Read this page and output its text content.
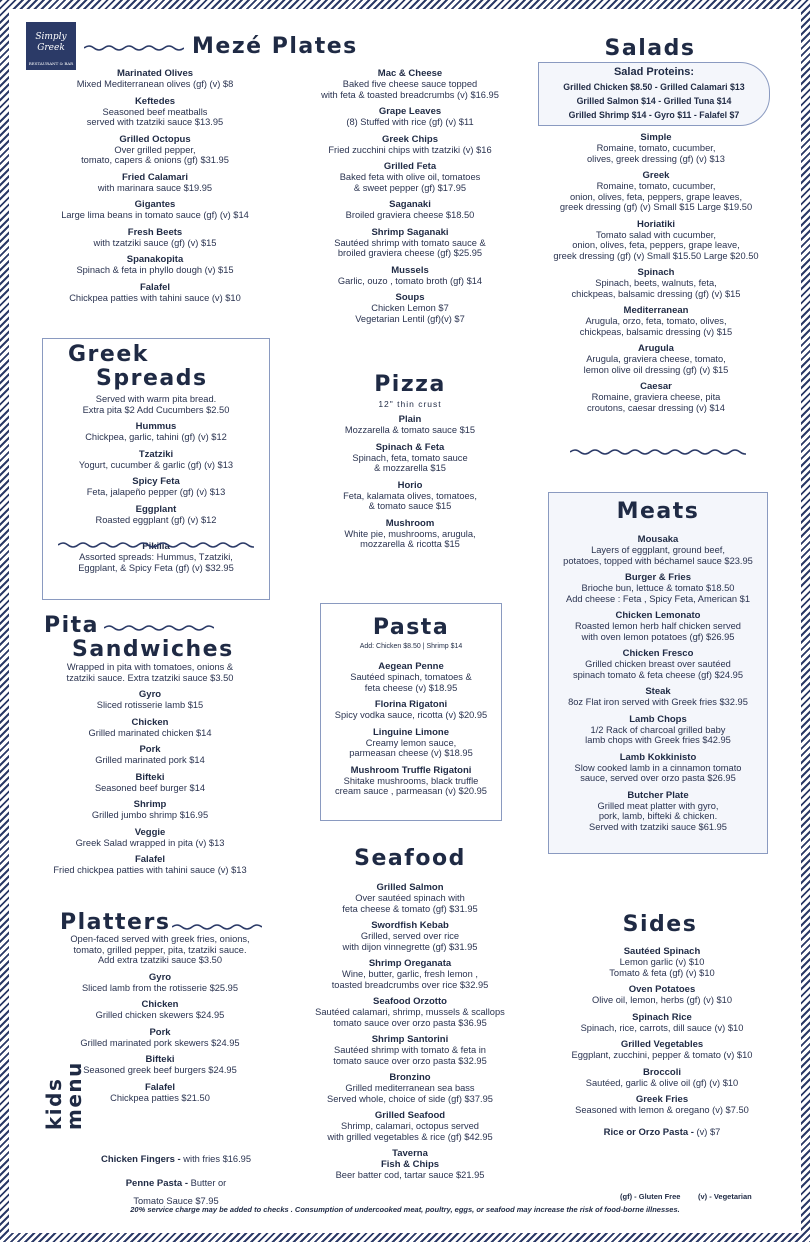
Simply Greek
RESTAURANT & BAR
Mezé Plates
Marinated Olives
Mixed Mediterranean olives (gf) (v) $8
Keftedes
Seasoned beef meatballs
served with tzatziki sauce $13.95
Grilled Octopus
Over grilled pepper,
tomato, capers & onions (gf) $31.95
Fried Calamari
with marinara sauce $19.95
Gigantes
Large lima beans in tomato sauce (gf) (v) $14
Fresh Beets
with tzatziki sauce (gf) (v) $15
Spanakopita
Spinach & feta in phyllo dough (v) $15
Falafel
Chickpea patties with tahini sauce (v) $10
Mac & Cheese
Baked five cheese sauce topped
with feta & toasted breadcrumbs (v) $16.95
Grape Leaves
(8) Stuffed with rice (gf) (v) $11
Greek Chips
Fried zucchini chips with tzatziki (v) $16
Grilled Feta
Baked feta with olive oil, tomatoes
& sweet pepper (gf) $17.95
Saganaki
Broiled graviera cheese $18.50
Shrimp Saganaki
Sautéed shrimp with tomato sauce &
broiled graviera cheese (gf) $25.95
Mussels
Garlic, ouzo , tomato broth (gf) $14
Soups
Chicken Lemon $7
Vegetarian Lentil (gf)(v) $7
Greek
Spreads
Served with warm pita bread.
Extra pita $2 Add Cucumbers $2.50
Hummus
Chickpea, garlic, tahini (gf) (v) $12
Tzatziki
Yogurt, cucumber & garlic (gf) (v) $13
Spicy Feta
Feta, jalapeño pepper (gf) (v) $13
Eggplant
Roasted eggplant (gf) (v) $12
Pikilia
Assorted spreads: Hummus, Tzatziki,
Eggplant, & Spicy Feta (gf) (v) $32.95
Pita
Sandwiches
Wrapped in pita with tomatoes, onions &
tzatziki sauce. Extra tzatziki sauce $3.50
Gyro
Sliced rotisserie lamb $15
Chicken
Grilled marinated chicken $14
Pork
Grilled marinated pork $14
Bifteki
Seasoned beef burger $14
Shrimp
Grilled jumbo shrimp $16.95
Veggie
Greek Salad wrapped in pita (v) $13
Falafel
Fried chickpea patties with tahini sauce (v) $13
Platters
Open-faced served with greek fries, onions,
tomato, grilled pepper, pita, tzatziki sauce.
Add extra tzatziki sauce $3.50
Gyro
Sliced lamb from the rotisserie $25.95
Chicken
Grilled chicken skewers $24.95
Pork
Grilled marinated pork skewers $24.95
Bifteki
Seasoned greek beef burgers $24.95
Falafel
Chickpea patties $21.50
kids
menu
Chicken Fingers - with fries $16.95
Penne Pasta - Butter or
Tomato Sauce $7.95
Pizza
12" thin crust
Plain
Mozzarella & tomato sauce $15
Spinach & Feta
Spinach, feta, tomato sauce
& mozzarella $15
Horio
Feta, kalamata olives, tomatoes,
& tomato sauce $15
Mushroom
White pie, mushrooms, arugula,
mozzarella & ricotta $15
Pasta
Add: Chicken $8.50 | Shrimp $14
Aegean Penne
Sautéed spinach, tomatoes &
feta cheese (v) $18.95
Florina Rigatoni
Spicy vodka sauce, ricotta (v) $20.95
Linguine Limone
Creamy lemon sauce,
parmeasan cheese (v) $18.95
Mushroom Truffle Rigatoni
Shitake mushrooms, black truffle
cream sauce , parmeasan (v) $20.95
Seafood
Grilled Salmon
Over sautéed spinach with
feta cheese & tomato (gf) $31.95
Swordfish Kebab
Grilled, served over rice
with dijon vinnegrette (gf) $31.95
Shrimp Oreganata
Wine, butter, garlic, fresh lemon ,
toasted breadcrumbs over rice $32.95
Seafood Orzotto
Sautéed calamari, shrimp, mussels & scallops
tomato sauce over orzo pasta $36.95
Shrimp Santorini
Sautéed shrimp with tomato & feta in
tomato sauce over orzo pasta $32.95
Bronzino
Grilled mediterranean sea bass
Served whole, choice of side (gf) $37.95
Grilled Seafood
Shrimp, calamari, octopus served
with grilled vegetables & rice (gf) $42.95
Taverna
Fish & Chips
Beer batter cod, tartar sauce $21.95
Salads
Salad Proteins:
Grilled Chicken $8.50 - Grilled Calamari $13
Grilled Salmon $14 - Grilled Tuna $14
Grilled Shrimp $14 - Gyro $11 - Falafel $7
Simple
Romaine, tomato, cucumber,
olives, greek dressing (gf) (v) $13
Greek
Romaine, tomato, cucumber,
onion, olives, feta, peppers, grape leaves,
greek dressing (gf) (v) Small $15 Large $19.50
Horiatiki
Tomato salad with cucumber,
onion, olives, feta, peppers, grape leave,
greek dressing (gf) (v) Small $15.50 Large $20.50
Spinach
Spinach, beets, walnuts, feta,
chickpeas, balsamic dressing (gf) (v) $15
Mediterranean
Arugula, orzo, feta, tomato, olives,
chickpeas, balsamic dressing (v) $15
Arugula
Arugula, graviera cheese, tomato,
lemon olive oil dressing (gf) (v) $15
Caesar
Romaine, graviera cheese, pita
croutons, caesar dressing (v) $14
Meats
Mousaka
Layers of eggplant, ground beef,
potatoes, topped with béchamel sauce $23.95
Burger & Fries
Brioche bun, lettuce & tomato $18.50
Add cheese : Feta , Spicy Feta, American $1
Chicken Lemonato
Roasted lemon herb half chicken served
with oven lemon potatoes (gf) $26.95
Chicken Fresco
Grilled chicken breast over sautéed
spinach tomato & feta cheese (gf) $24.95
Steak
8oz Flat iron served with Greek fries $32.95
Lamb Chops
1/2 Rack of charcoal grilled baby
lamb chops with Greek fries $42.95
Lamb Kokkinisto
Slow cooked lamb in a cinnamon tomato
sauce, served over orzo pasta $26.95
Butcher Plate
Grilled meat platter with gyro,
pork, lamb, bifteki & chicken.
Served with tzatziki sauce $61.95
Sides
Sautéed Spinach
Lemon garlic (v) $10
Tomato & feta (gf) (v) $10
Oven Potatoes
Olive oil, lemon, herbs (gf) (v) $10
Spinach Rice
Spinach, rice, carrots, dill sauce (v) $10
Grilled Vegetables
Eggplant, zucchini, pepper & tomato (v) $10
Broccoli
Sautéed, garlic & olive oil (gf) (v) $10
Greek Fries
Seasoned with lemon & oregano (v) $7.50
Rice or Orzo Pasta - (v) $7
(gf) - Gluten Free (v) - Vegetarian
20% service charge may be added to checks . Consumption of undercooked meat, poultry, eggs, or seafood may increase the risk of food-borne illnesses.
